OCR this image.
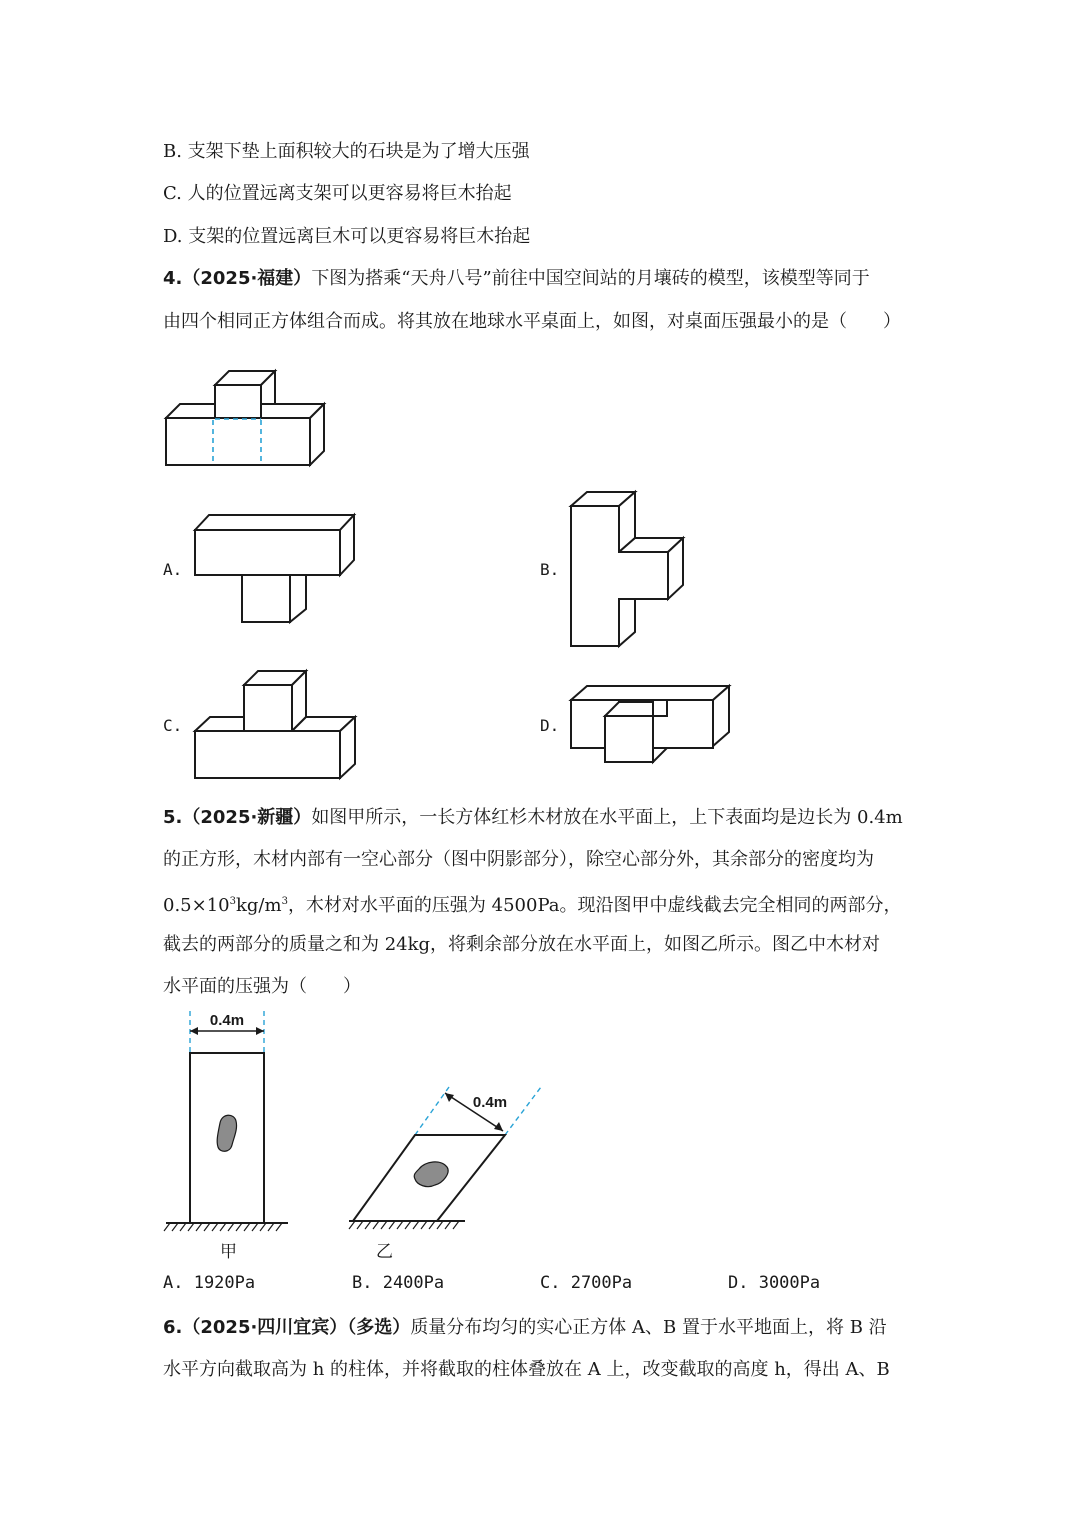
B. 支架下垫上面积较大的石块是为了增大压强
C. 人的位置远离支架可以更容易将巨木抬起
D. 支架的位置远离巨木可以更容易将巨木抬起
4.（2025·福建）下图为搭乘“天舟八号”前往中国空间站的月壤砖的模型，该模型等同于
由四个相同正方体组合而成。将其放在地球水平桌面上，如图，对桌面压强最小的是（　　）
A.	B.
C.	D.
5.（2025·新疆）如图甲所示，一长方体红杉木材放在水平面上，上下表面均是边长为 0.4m
的正方形，木材内部有一空心部分（图中阴影部分），除空心部分外，其余部分的密度均为
$0.5\times 10^3kg/m^3$，木材对水平面的压强为 4500Pa。现沿图甲中虚线截去完全相同的两部分，
截去的两部分的质量之和为 24kg，将剩余部分放在水平面上，如图乙所示。图乙中木材对
水平面的压强为（　　）
0.4m
甲
0.4m
乙
A. 1920Pa	B. 2400Pa	C. 2700Pa	D. 3000Pa
6.（2025·四川宜宾）（多选）质量分布均匀的实心正方体 A、B 置于水平地面上，将 B 沿
水平方向截取高为 h 的柱体，并将截取的柱体叠放在 A 上，改变截取的高度 h，得出 A、B
